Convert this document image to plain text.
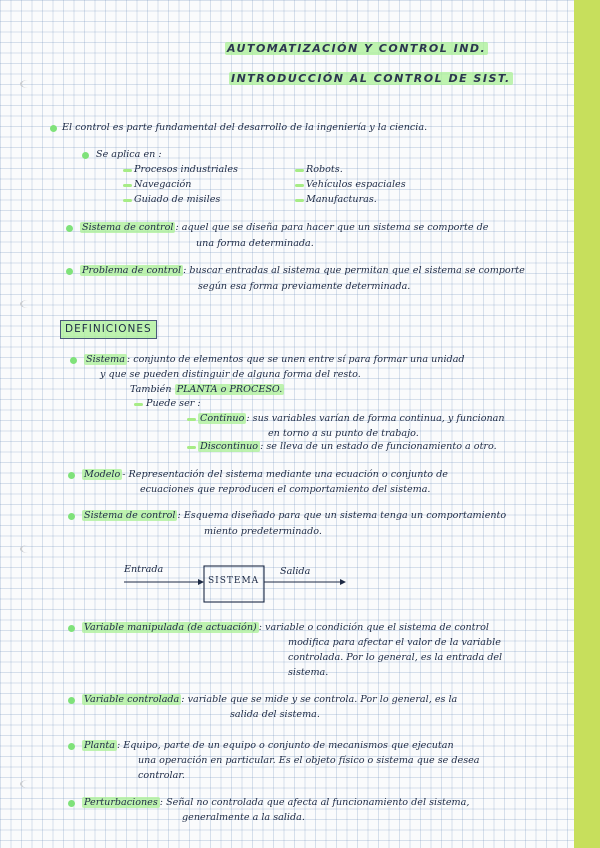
AUTOMATIZACIÓN Y CONTROL IND.
INTRODUCCIÓN AL CONTROL DE SIST.
El control es parte fundamental del desarrollo de la ingeniería y la ciencia.
Se aplica en :
Procesos industriales
Navegación
Guiado de misiles
Robots.
Vehículos espaciales
Manufacturas.
Sistema de control : aquel que se diseña para hacer que un sistema se comporte de
una forma determinada.
Problema de control : buscar entradas al sistema que permitan que el sistema se comporte
según esa forma previamente determinada.
DEFINICIONES
Sistema : conjunto de elementos que se unen entre sí para formar una unidad
y que se pueden distinguir de alguna forma del resto.
También PLANTA o PROCESO.
Puede ser :
Continuo : sus variables varían de forma continua, y funcionan
en torno a su punto de trabajo.
Discontinuo : se lleva de un estado de funcionamiento a otro.
Modelo - Representación del sistema mediante una ecuación o conjunto de
ecuaciones que reproducen el comportamiento del sistema.
Sistema de control : Esquema diseñado para que un sistema tenga un comportamiento
miento predeterminado.
Entrada
SISTEMA
Salida
Variable manipulada (de actuación) : variable o condición que el sistema de control
modifica para afectar el valor de la variable
controlada. Por lo general, es la entrada del
sistema.
Variable controlada : variable que se mide y se controla. Por lo general, es la
salida del sistema.
Planta : Equipo, parte de un equipo o conjunto de mecanismos que ejecutan
una operación en particular. Es el objeto físico o sistema que se desea
controlar.
Perturbaciones : Señal no controlada que afecta al funcionamiento del sistema,
generalmente a la salida.
